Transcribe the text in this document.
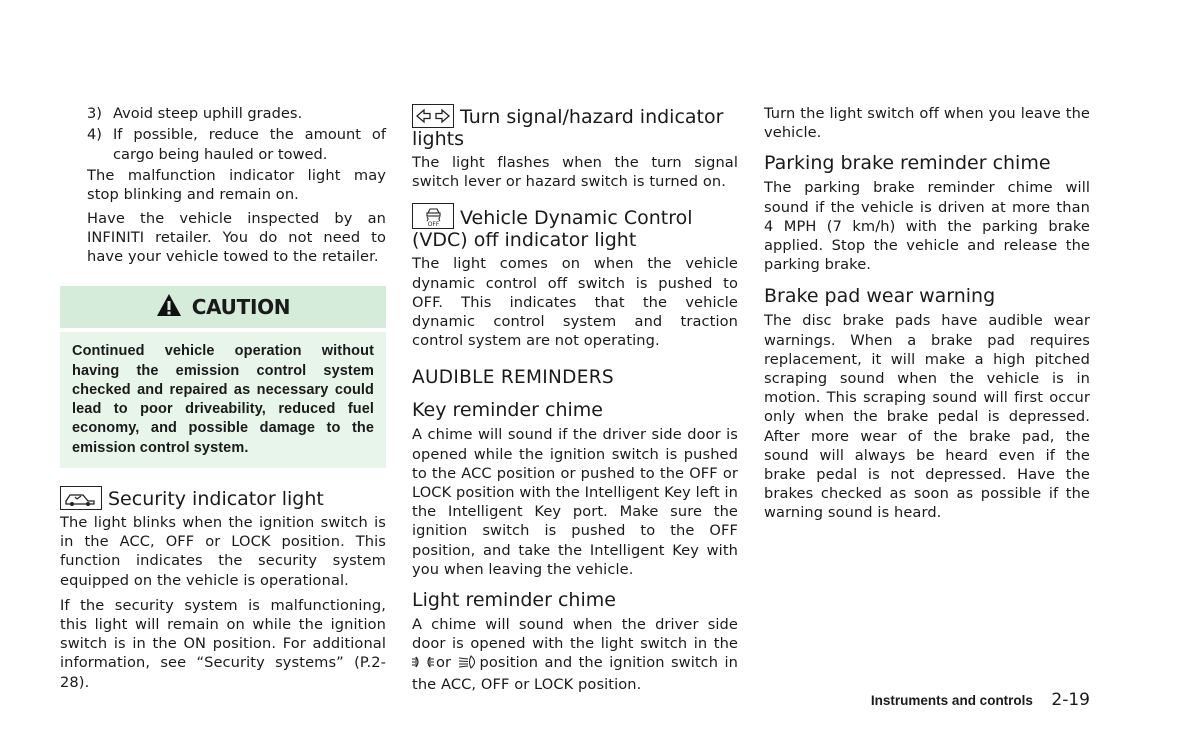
3) Avoid steep uphill grades.
4) If possible, reduce the amount of cargo being hauled or towed.

The malfunction indicator light may stop blinking and remain on.

Have the vehicle inspected by an INFINITI retailer. You do not need to have your vehicle towed to the retailer.

CAUTION

Continued vehicle operation without having the emission control system checked and repaired as necessary could lead to poor driveability, reduced fuel economy, and possible damage to the emission control system.

Security indicator light

The light blinks when the ignition switch is in the ACC, OFF or LOCK position. This function indicates the security system equipped on the vehicle is operational.

If the security system is malfunctioning, this light will remain on while the ignition switch is in the ON position. For additional information, see “Security systems” (P.2-28).

Turn signal/hazard indicator lights

The light flashes when the turn signal switch lever or hazard switch is turned on.

OFF Vehicle Dynamic Control (VDC) off indicator light

The light comes on when the vehicle dynamic control off switch is pushed to OFF. This indicates that the vehicle dynamic control system and traction control system are not operating.

AUDIBLE REMINDERS
Key reminder chime

A chime will sound if the driver side door is opened while the ignition switch is pushed to the ACC position or pushed to the OFF or LOCK position with the Intelligent Key left in the Intelligent Key port. Make sure the ignition switch is pushed to the OFF position, and take the Intelligent Key with you when leaving the vehicle.

Light reminder chime

A chime will sound when the driver side door is opened with the light switch in the or position and the ignition switch in the ACC, OFF or LOCK position.

Turn the light switch off when you leave the vehicle.

Parking brake reminder chime

The parking brake reminder chime will sound if the vehicle is driven at more than 4 MPH (7 km/h) with the parking brake applied. Stop the vehicle and release the parking brake.

Brake pad wear warning

The disc brake pads have audible wear warnings. When a brake pad requires replacement, it will make a high pitched scraping sound when the vehicle is in motion. This scraping sound will first occur only when the brake pedal is depressed. After more wear of the brake pad, the sound will always be heard even if the brake pedal is not depressed. Have the brakes checked as soon as possible if the warning sound is heard.

Instruments and controls 2-19
